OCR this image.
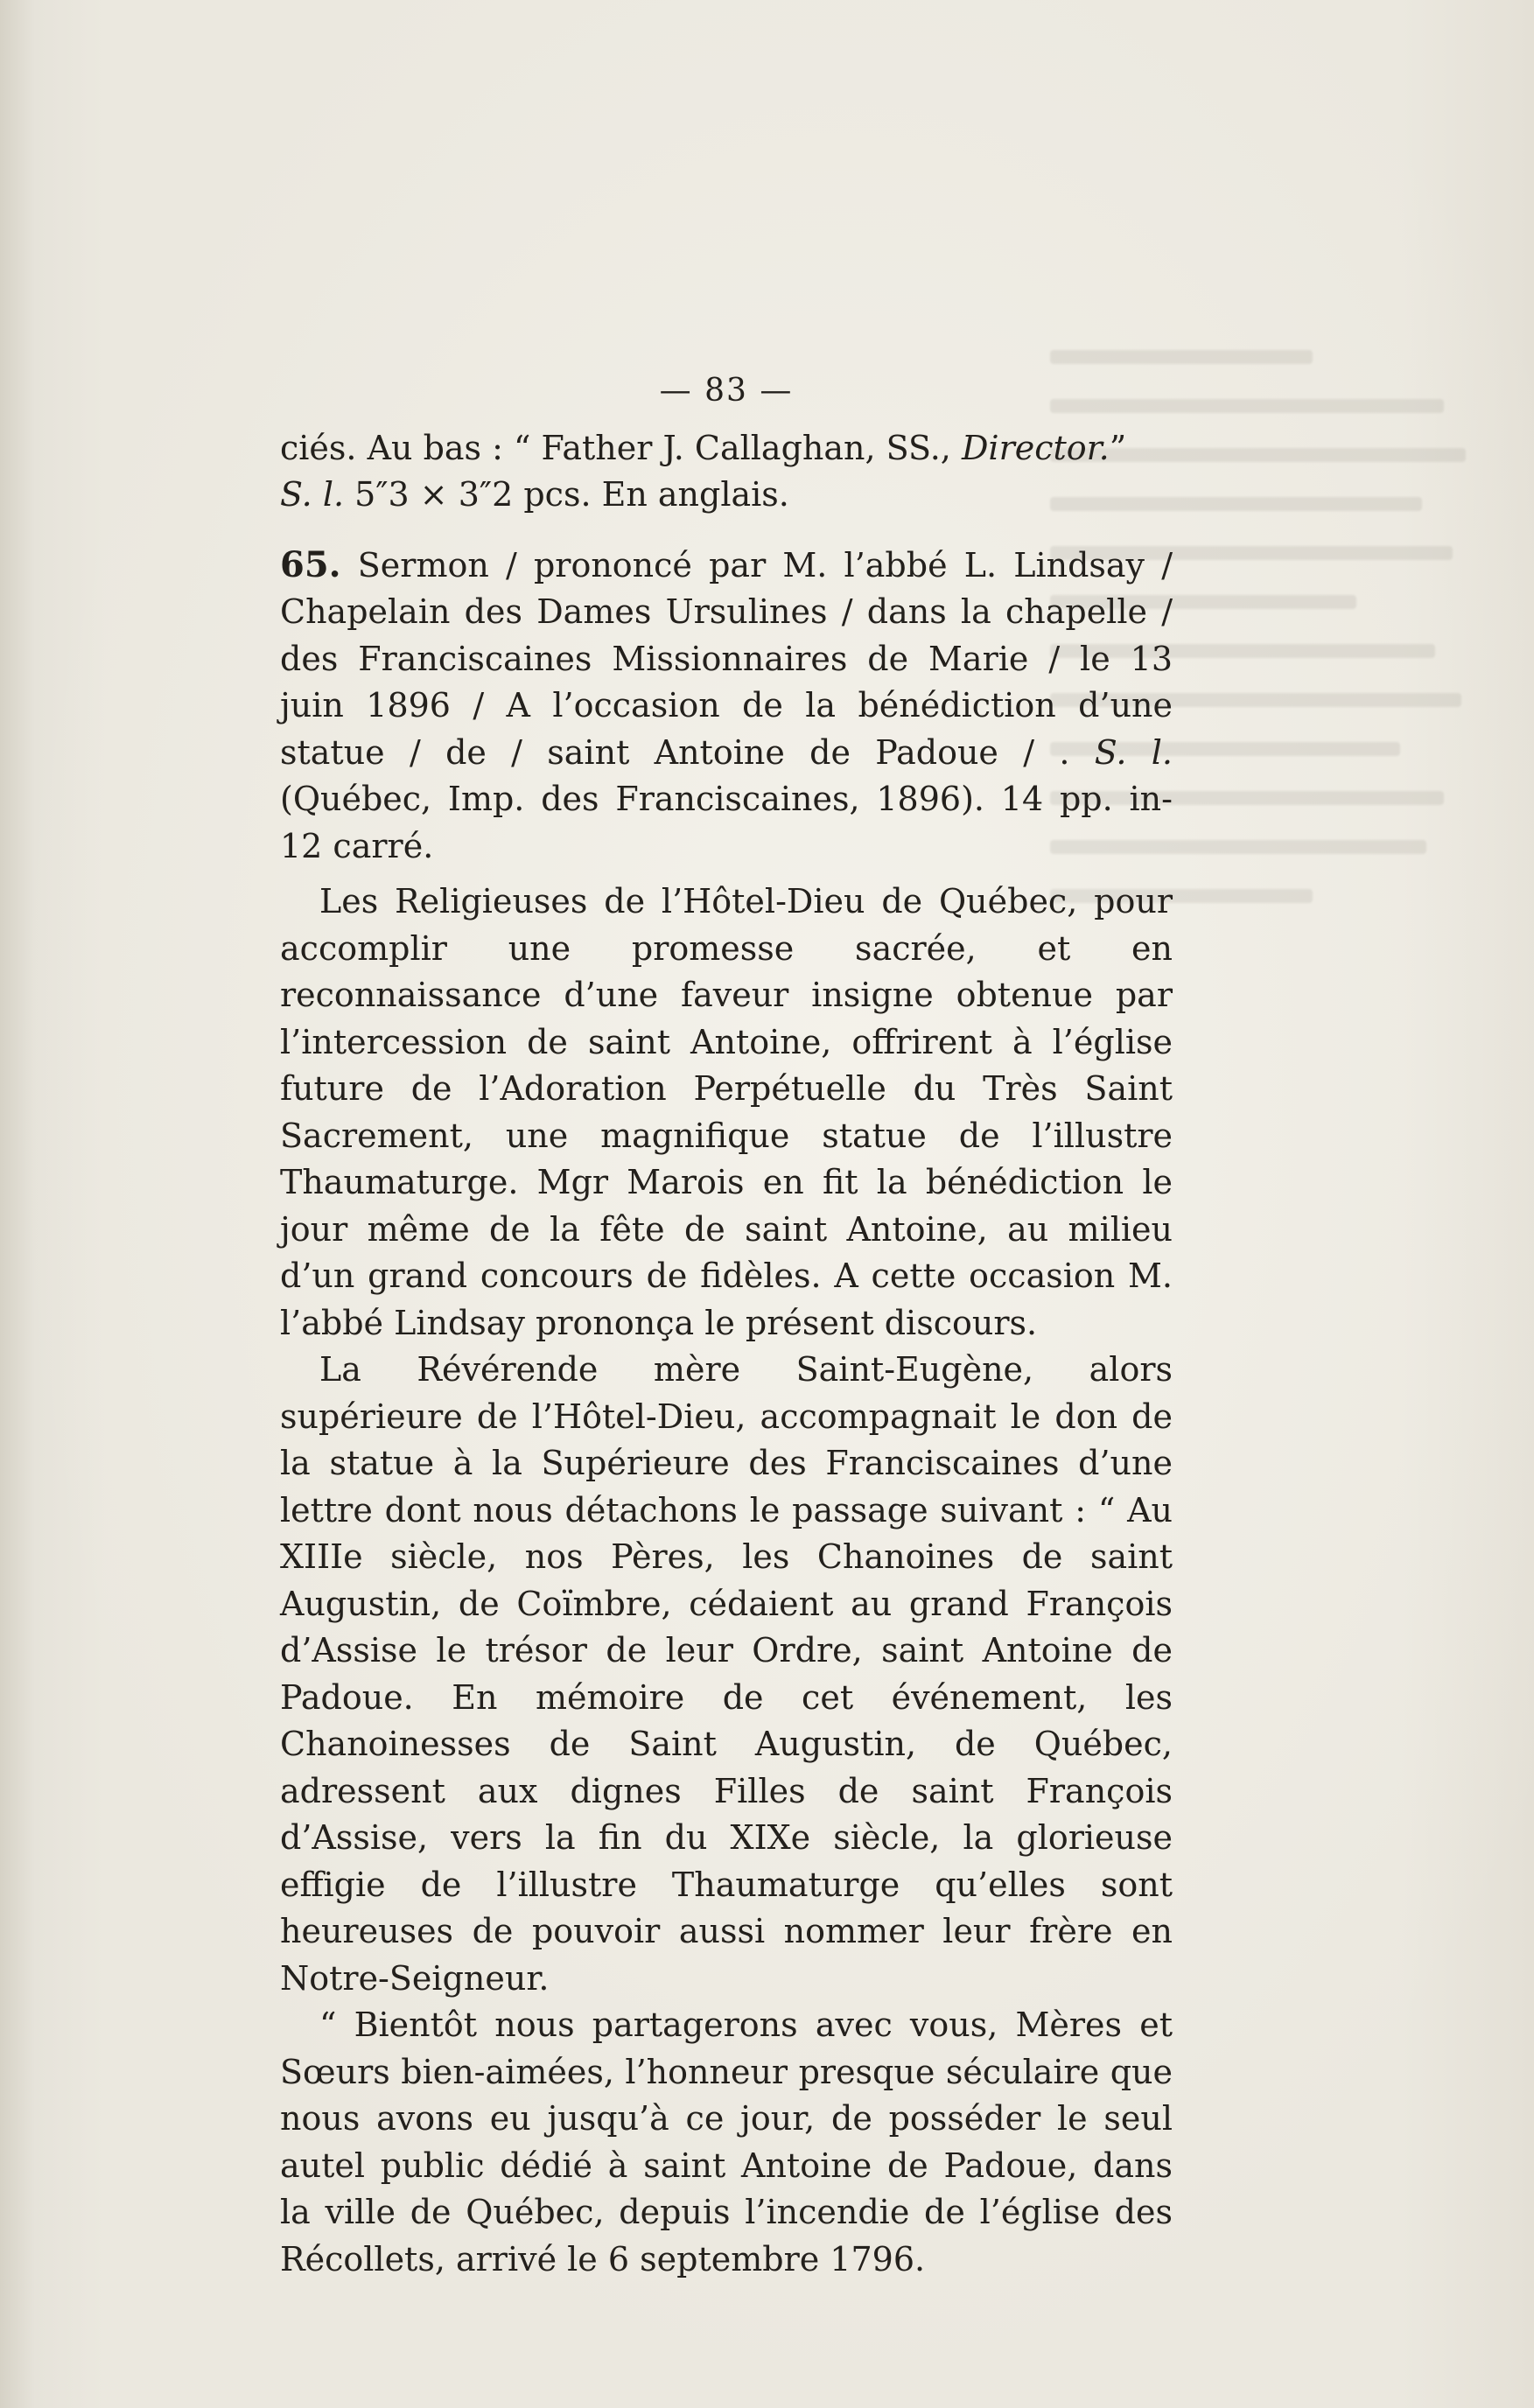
— 83 —

ciés. Au bas : “ Father J. Callaghan, SS., Director.”
S. l. 5″3 × 3″2 pcs. En anglais.

65. Sermon / prononcé par M. l’abbé L. Lindsay / Chapelain des Dames Ursulines / dans la chapelle / des Franciscaines Missionnaires de Marie / le 13 juin 1896 / A l’occasion de la bénédiction d’une statue / de / saint Antoine de Padoue / . S. l. (Québec, Imp. des Franciscaines, 1896). 14 pp. in-12 carré.

Les Religieuses de l’Hôtel-Dieu de Québec, pour accomplir une promesse sacrée, et en reconnaissance d’une faveur insigne obtenue par l’intercession de saint Antoine, offrirent à l’église future de l’Adoration Perpétuelle du Très Saint Sacrement, une magnifique statue de l’illustre Thaumaturge. Mgr Marois en fit la bénédiction le jour même de la fête de saint Antoine, au milieu d’un grand concours de fidèles. A cette occasion M. l’abbé Lindsay prononça le présent discours.

La Révérende mère Saint-Eugène, alors supérieure de l’Hôtel-Dieu, accompagnait le don de la statue à la Supérieure des Franciscaines d’une lettre dont nous détachons le passage suivant : “ Au XIIIe siècle, nos Pères, les Chanoines de saint Augustin, de Coïmbre, cédaient au grand François d’Assise le trésor de leur Ordre, saint Antoine de Padoue. En mémoire de cet événement, les Chanoinesses de Saint Augustin, de Québec, adressent aux dignes Filles de saint François d’Assise, vers la fin du XIXe siècle, la glorieuse effigie de l’illustre Thaumaturge qu’elles sont heureuses de pouvoir aussi nommer leur frère en Notre-Seigneur.

“ Bientôt nous partagerons avec vous, Mères et Sœurs bien-aimées, l’honneur presque séculaire que nous avons eu jusqu’à ce jour, de posséder le seul autel public dédié à saint Antoine de Padoue, dans la ville de Québec, depuis l’incendie de l’église des Récollets, arrivé le 6 septembre 1796.
